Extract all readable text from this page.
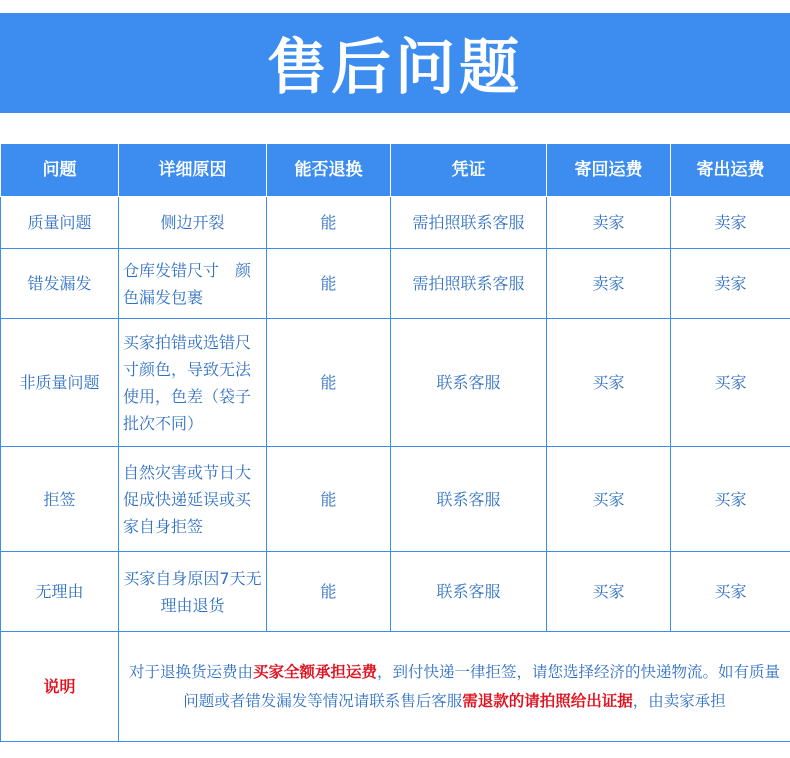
售后问题
问题	详细原因	能否退换	凭证	寄回运费	寄出运费
质量问题	侧边开裂	能	需拍照联系客服	卖家	卖家
错发漏发	仓库发错尺寸　颜色漏发包裹	能	需拍照联系客服	卖家	卖家
非质量问题	买家拍错或选错尺寸颜色，导致无法使用，色差（袋子批次不同）	能	联系客服	买家	买家
拒签	自然灾害或节日大促成快递延误或买家自身拒签	能	联系客服	买家	买家
无理由	买家自身原因7天无理由退货	能	联系客服	买家	买家
说明	对于退换货运费由买家全额承担运费，到付快递一律拒签，请您选择经济的快递物流。如有质量问题或者错发漏发等情况请联系售后客服需退款的请拍照给出证据，由卖家承担				
